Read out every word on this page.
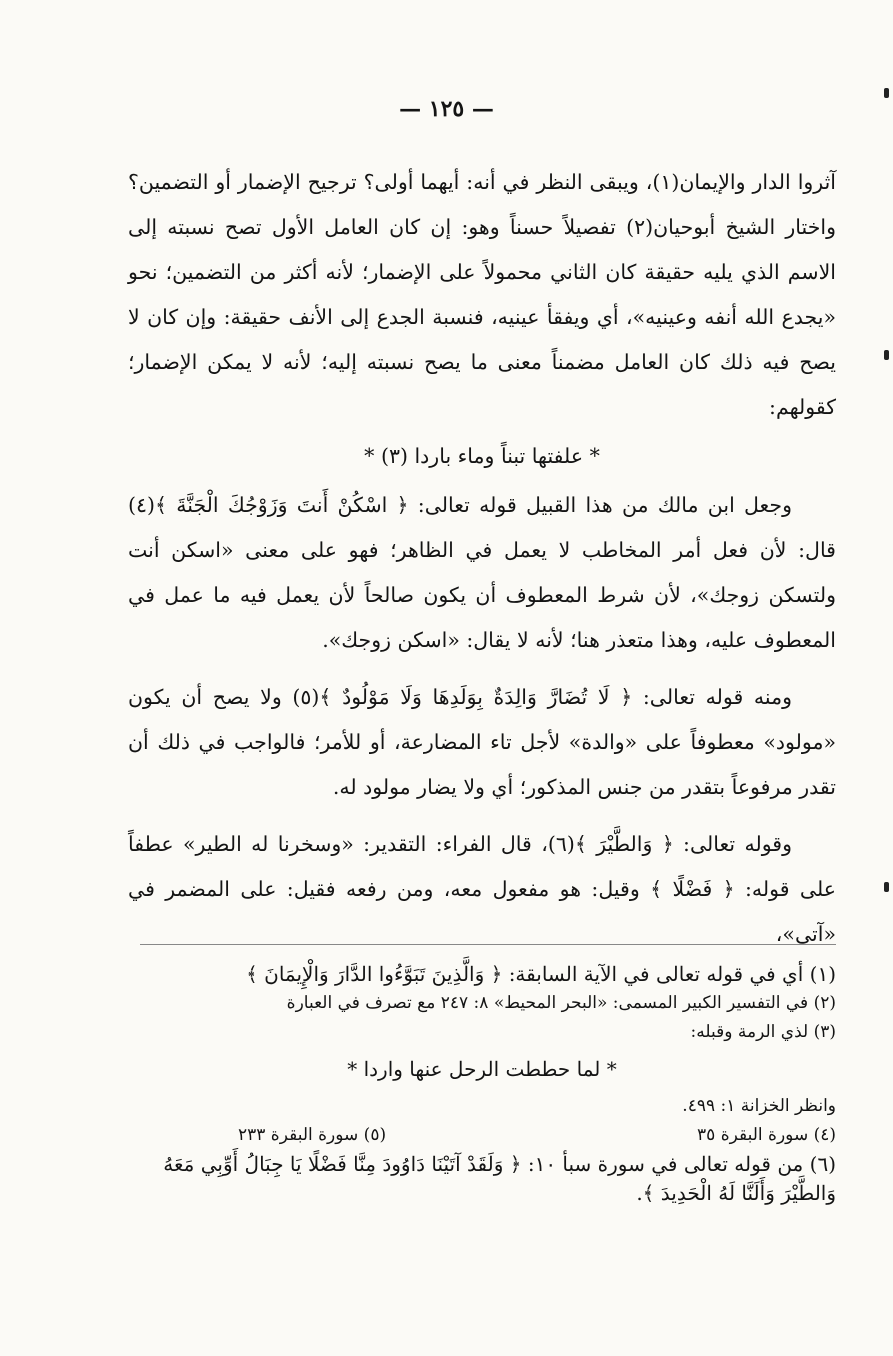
— ١٢٥ —

آثروا الدار والإيمان(١)، ويبقى النظر في أنه: أيهما أولى؟ ترجيح الإضمار أو التضمين؟ واختار الشيخ أبوحيان(٢) تفصيلاً حسناً وهو: إن كان العامل الأول تصح نسبته إلى الاسم الذي يليه حقيقة كان الثاني محمولاً على الإضمار؛ لأنه أكثر من التضمين؛ نحو «يجدع الله أنفه وعينيه»، أي ويفقأ عينيه، فنسبة الجدع إلى الأنف حقيقة: وإن كان لا يصح فيه ذلك كان العامل مضمناً معنى ما يصح نسبته إليه؛ لأنه لا يمكن الإضمار؛ كقولهم:

* علفتها تبناً وماء باردا (٣) *

وجعل ابن مالك من هذا القبيل قوله تعالى: ﴿ اسْكُنْ أَنتَ وَزَوْجُكَ الْجَنَّةَ ﴾(٤) قال: لأن فعل أمر المخاطب لا يعمل في الظاهر؛ فهو على معنى «اسكن أنت ولتسكن زوجك»، لأن شرط المعطوف أن يكون صالحاً لأن يعمل فيه ما عمل في المعطوف عليه، وهذا متعذر هنا؛ لأنه لا يقال: «اسكن زوجك».

ومنه قوله تعالى: ﴿ لَا تُضَارَّ وَالِدَةٌ بِوَلَدِهَا وَلَا مَوْلُودٌ ﴾(٥) ولا يصح أن يكون «مولود» معطوفاً على «والدة» لأجل تاء المضارعة، أو للأمر؛ فالواجب في ذلك أن تقدر مرفوعاً بتقدر من جنس المذكور؛ أي ولا يضار مولود له.

وقوله تعالى: ﴿ وَالطَّيْرَ ﴾(٦)، قال الفراء: التقدير: «وسخرنا له الطير» عطفاً على قوله: ﴿ فَضْلًا ﴾ وقيل: هو مفعول معه، ومن رفعه فقيل: على المضمر في «آتى»،

(١) أي في قوله تعالى في الآية السابقة: ﴿ وَالَّذِينَ تَبَوَّءُوا الدَّارَ وَالْإِيمَانَ ﴾

(٢) في التفسير الكبير المسمى: «البحر المحيط» ٨: ٢٤٧ مع تصرف في العبارة

(٣) لذي الرمة وقبله:

* لما حططت الرحل عنها واردا *

وانظر الخزانة ١: ٤٩٩.

(٤) سورة البقرة ٣٥
(٥) سورة البقرة ٢٣٣

(٦) من قوله تعالى في سورة سبأ ١٠: ﴿ وَلَقَدْ آتَيْنَا دَاوُودَ مِنَّا فَضْلًا يَا جِبَالُ أَوِّبِي مَعَهُ وَالطَّيْرَ وَأَلَنَّا لَهُ الْحَدِيدَ ﴾.
